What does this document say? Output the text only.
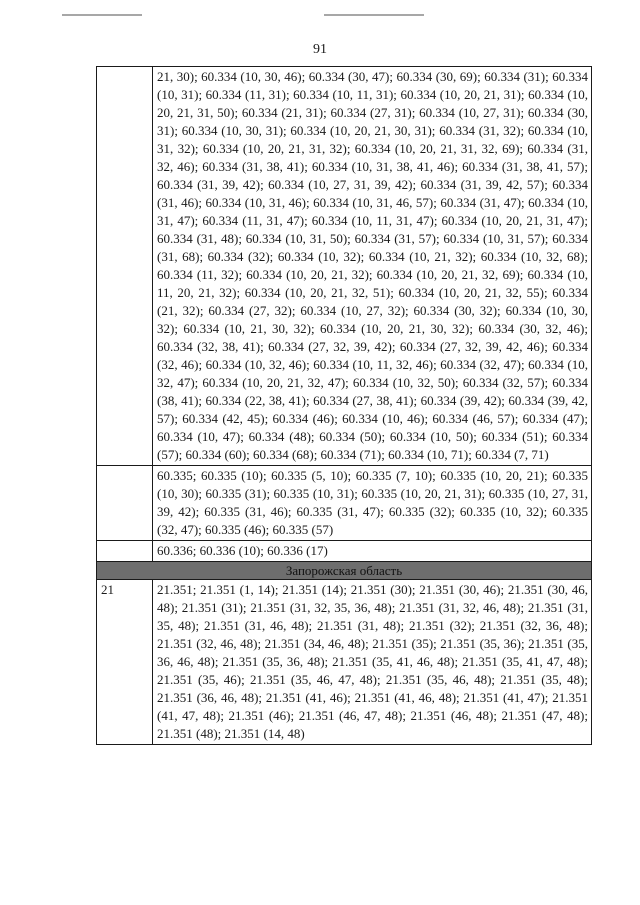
91
	21, 30); 60.334 (10, 30, 46); 60.334 (30, 47); 60.334 (30, 69); 60.334 (31); 60.334 (10, 31); 60.334 (11, 31); 60.334 (10, 11, 31); 60.334 (10, 20, 21, 31); 60.334 (10, 20, 21, 31, 50); 60.334 (21, 31); 60.334 (27, 31); 60.334 (10, 27, 31); 60.334 (30, 31); 60.334 (10, 30, 31); 60.334 (10, 20, 21, 30, 31); 60.334 (31, 32); 60.334 (10, 31, 32); 60.334 (10, 20, 21, 31, 32); 60.334 (10, 20, 21, 31, 32, 69); 60.334 (31, 32, 46); 60.334 (31, 38, 41); 60.334 (10, 31, 38, 41, 46); 60.334 (31, 38, 41, 57); 60.334 (31, 39, 42); 60.334 (10, 27, 31, 39, 42); 60.334 (31, 39, 42, 57); 60.334 (31, 46); 60.334 (10, 31, 46); 60.334 (10, 31, 46, 57); 60.334 (31, 47); 60.334 (10, 31, 47); 60.334 (11, 31, 47); 60.334 (10, 11, 31, 47); 60.334 (10, 20, 21, 31, 47); 60.334 (31, 48); 60.334 (10, 31, 50); 60.334 (31, 57); 60.334 (10, 31, 57); 60.334 (31, 68); 60.334 (32); 60.334 (10, 32); 60.334 (10, 21, 32); 60.334 (10, 32, 68); 60.334 (11, 32); 60.334 (10, 20, 21, 32); 60.334 (10, 20, 21, 32, 69); 60.334 (10, 11, 20, 21, 32); 60.334 (10, 20, 21, 32, 51); 60.334 (10, 20, 21, 32, 55); 60.334 (21, 32); 60.334 (27, 32); 60.334 (10, 27, 32); 60.334 (30, 32); 60.334 (10, 30, 32); 60.334 (10, 21, 30, 32); 60.334 (10, 20, 21, 30, 32); 60.334 (30, 32, 46); 60.334 (32, 38, 41); 60.334 (27, 32, 39, 42); 60.334 (27, 32, 39, 42, 46); 60.334 (32, 46); 60.334 (10, 32, 46); 60.334 (10, 11, 32, 46); 60.334 (32, 47); 60.334 (10, 32, 47); 60.334 (10, 20, 21, 32, 47); 60.334 (10, 32, 50); 60.334 (32, 57); 60.334 (38, 41); 60.334 (22, 38, 41); 60.334 (27, 38, 41); 60.334 (39, 42); 60.334 (39, 42, 57); 60.334 (42, 45); 60.334 (46); 60.334 (10, 46); 60.334 (46, 57); 60.334 (47); 60.334 (10, 47); 60.334 (48); 60.334 (50); 60.334 (10, 50); 60.334 (51); 60.334 (57); 60.334 (60); 60.334 (68); 60.334 (71); 60.334 (10, 71); 60.334 (7, 71)
	60.335; 60.335 (10); 60.335 (5, 10); 60.335 (7, 10); 60.335 (10, 20, 21); 60.335 (10, 30); 60.335 (31); 60.335 (10, 31); 60.335 (10, 20, 21, 31); 60.335 (10, 27, 31, 39, 42); 60.335 (31, 46); 60.335 (31, 47); 60.335 (32); 60.335 (10, 32); 60.335 (32, 47); 60.335 (46); 60.335 (57)
	60.336; 60.336 (10); 60.336 (17)
Запорожская область	
21	21.351; 21.351 (1, 14); 21.351 (14); 21.351 (30); 21.351 (30, 46); 21.351 (30, 46, 48); 21.351 (31); 21.351 (31, 32, 35, 36, 48); 21.351 (31, 32, 46, 48); 21.351 (31, 35, 48); 21.351 (31, 46, 48); 21.351 (31, 48); 21.351 (32); 21.351 (32, 36, 48); 21.351 (32, 46, 48); 21.351 (34, 46, 48); 21.351 (35); 21.351 (35, 36); 21.351 (35, 36, 46, 48); 21.351 (35, 36, 48); 21.351 (35, 41, 46, 48); 21.351 (35, 41, 47, 48); 21.351 (35, 46); 21.351 (35, 46, 47, 48); 21.351 (35, 46, 48); 21.351 (35, 48); 21.351 (36, 46, 48); 21.351 (41, 46); 21.351 (41, 46, 48); 21.351 (41, 47); 21.351 (41, 47, 48); 21.351 (46); 21.351 (46, 47, 48); 21.351 (46, 48); 21.351 (47, 48); 21.351 (48); 21.351 (14, 48)
